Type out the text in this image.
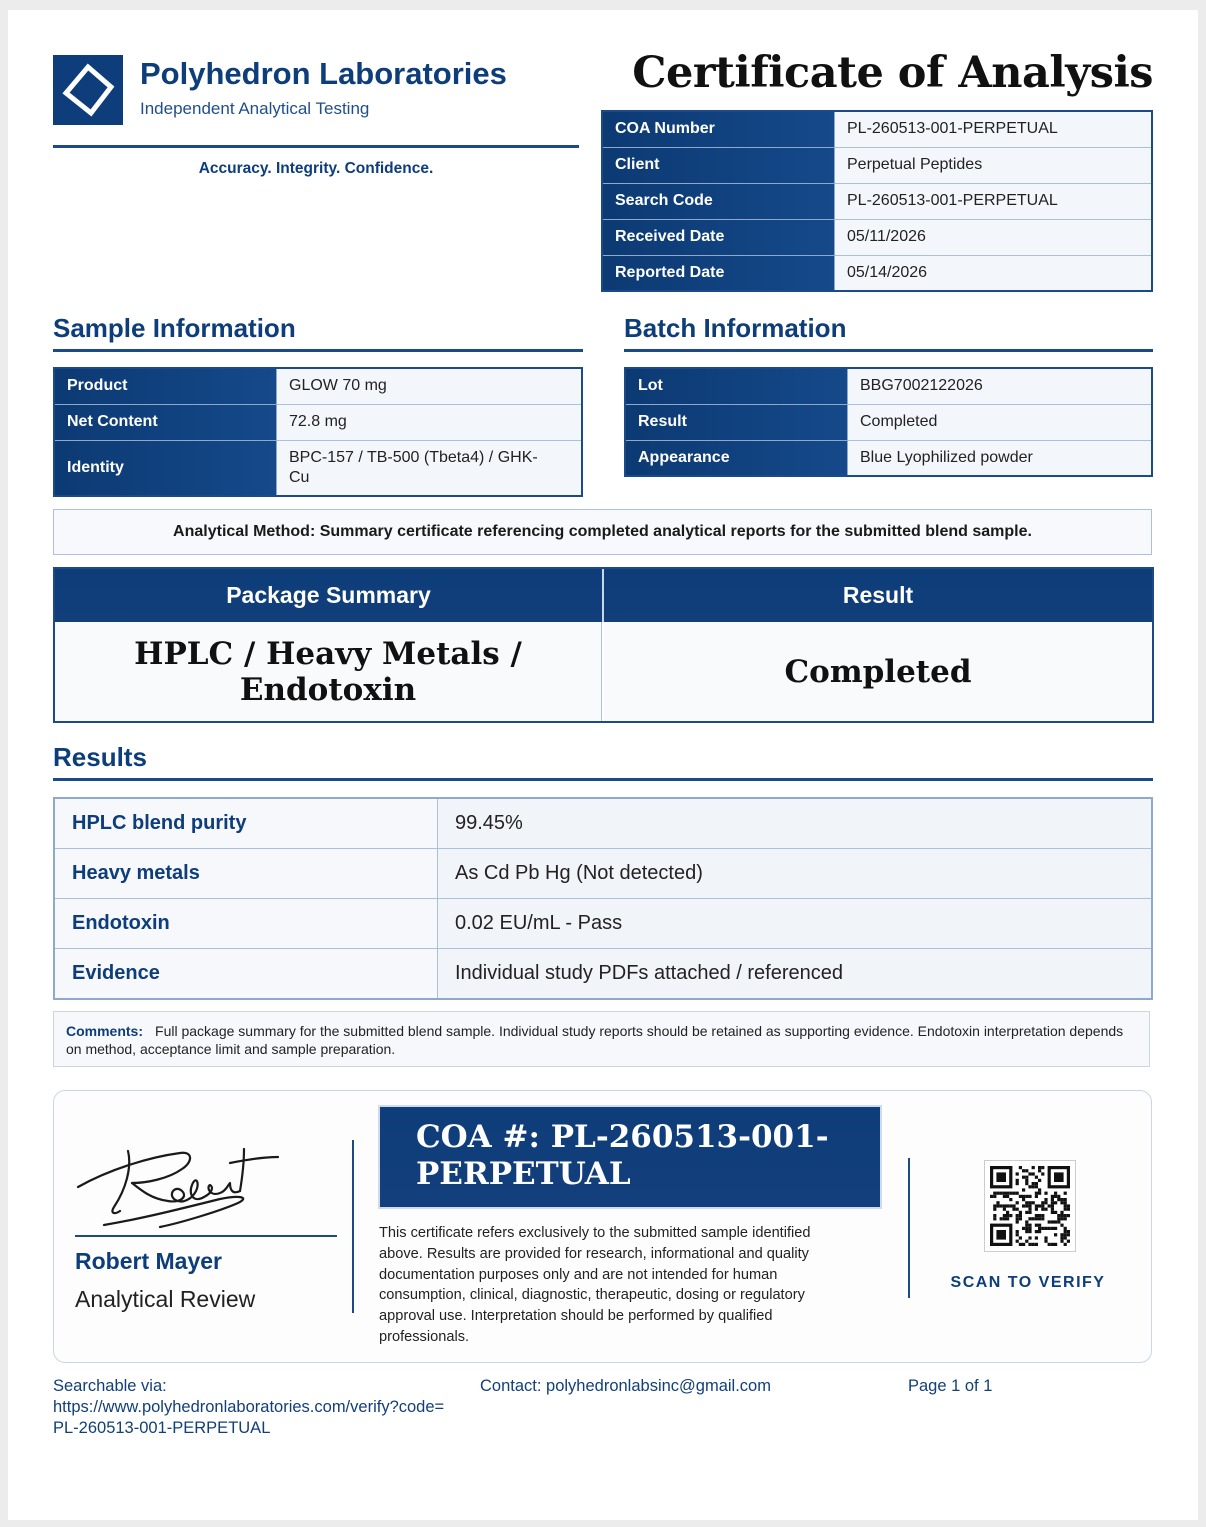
Polyhedron Laboratories
Independent Analytical Testing
Accuracy. Integrity. Confidence.
Certificate of Analysis
COA Number	PL-260513-001-PERPETUAL
Client	Perpetual Peptides
Search Code	PL-260513-001-PERPETUAL
Received Date	05/11/2026
Reported Date	05/14/2026
Sample Information
Product	GLOW 70 mg
Net Content	72.8 mg
Identity	BPC-157 / TB-500 (Tbeta4) / GHK-Cu
Batch Information
Lot	BBG7002122026
Result	Completed
Appearance	Blue Lyophilized powder
Analytical Method: Summary certificate referencing completed analytical reports for the submitted blend sample.
Package Summary	Result
HPLC / Heavy Metals / Endotoxin	Completed
Results
HPLC blend purity	99.45%
Heavy metals	As Cd Pb Hg (Not detected)
Endotoxin	0.02 EU/mL - Pass
Evidence	Individual study PDFs attached / referenced
Comments: Full package summary for the submitted blend sample. Individual study reports should be retained as supporting evidence. Endotoxin interpretation depends on method, acceptance limit and sample preparation.
Robert Mayer
Analytical Review
COA #: PL-260513-001-PERPETUAL
This certificate refers exclusively to the submitted sample identified above. Results are provided for research, informational and quality documentation purposes only and are not intended for human consumption, clinical, diagnostic, therapeutic, dosing or regulatory approval use. Interpretation should be performed by qualified professionals.
SCAN TO VERIFY
Searchable via:
https://www.polyhedronlaboratories.com/verify?code=PL-260513-001-PERPETUAL
Contact: polyhedronlabsinc@gmail.com	Page 1 of 1
